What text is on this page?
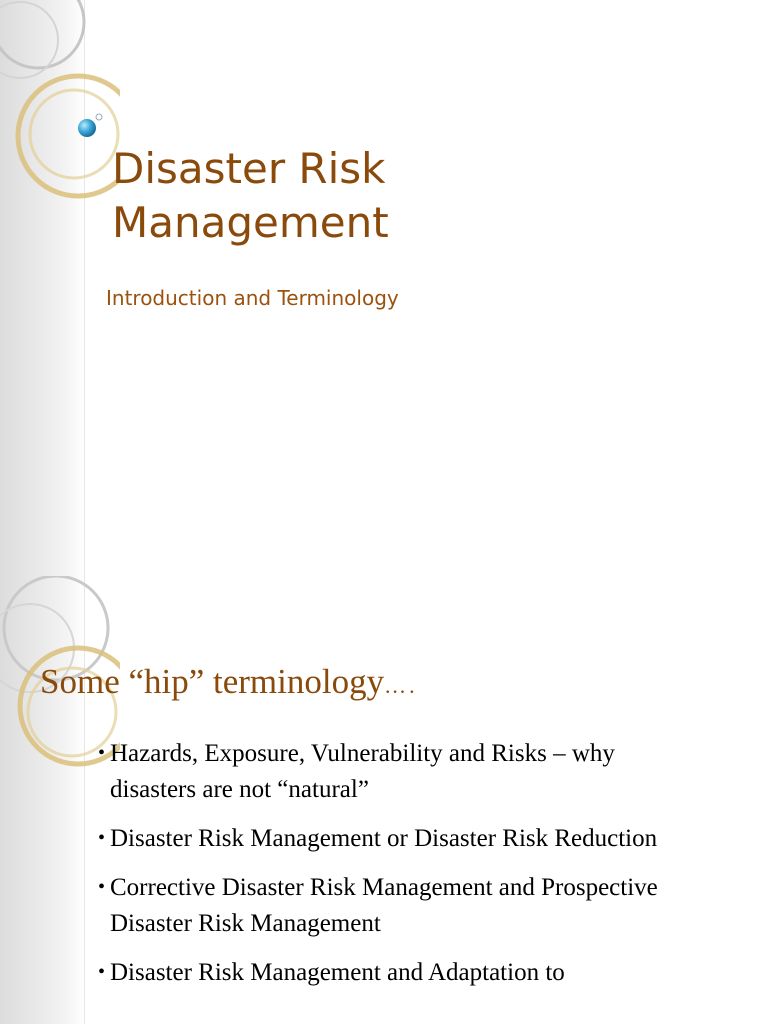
Disaster Risk
Management

Introduction and Terminology

Some “hip” terminology….
• Hazards, Exposure, Vulnerability and Risks – why disasters are not “natural”
• Disaster Risk Management or Disaster Risk Reduction
• Corrective Disaster Risk Management and Prospective Disaster Risk Management
• Disaster Risk Management and Adaptation to
